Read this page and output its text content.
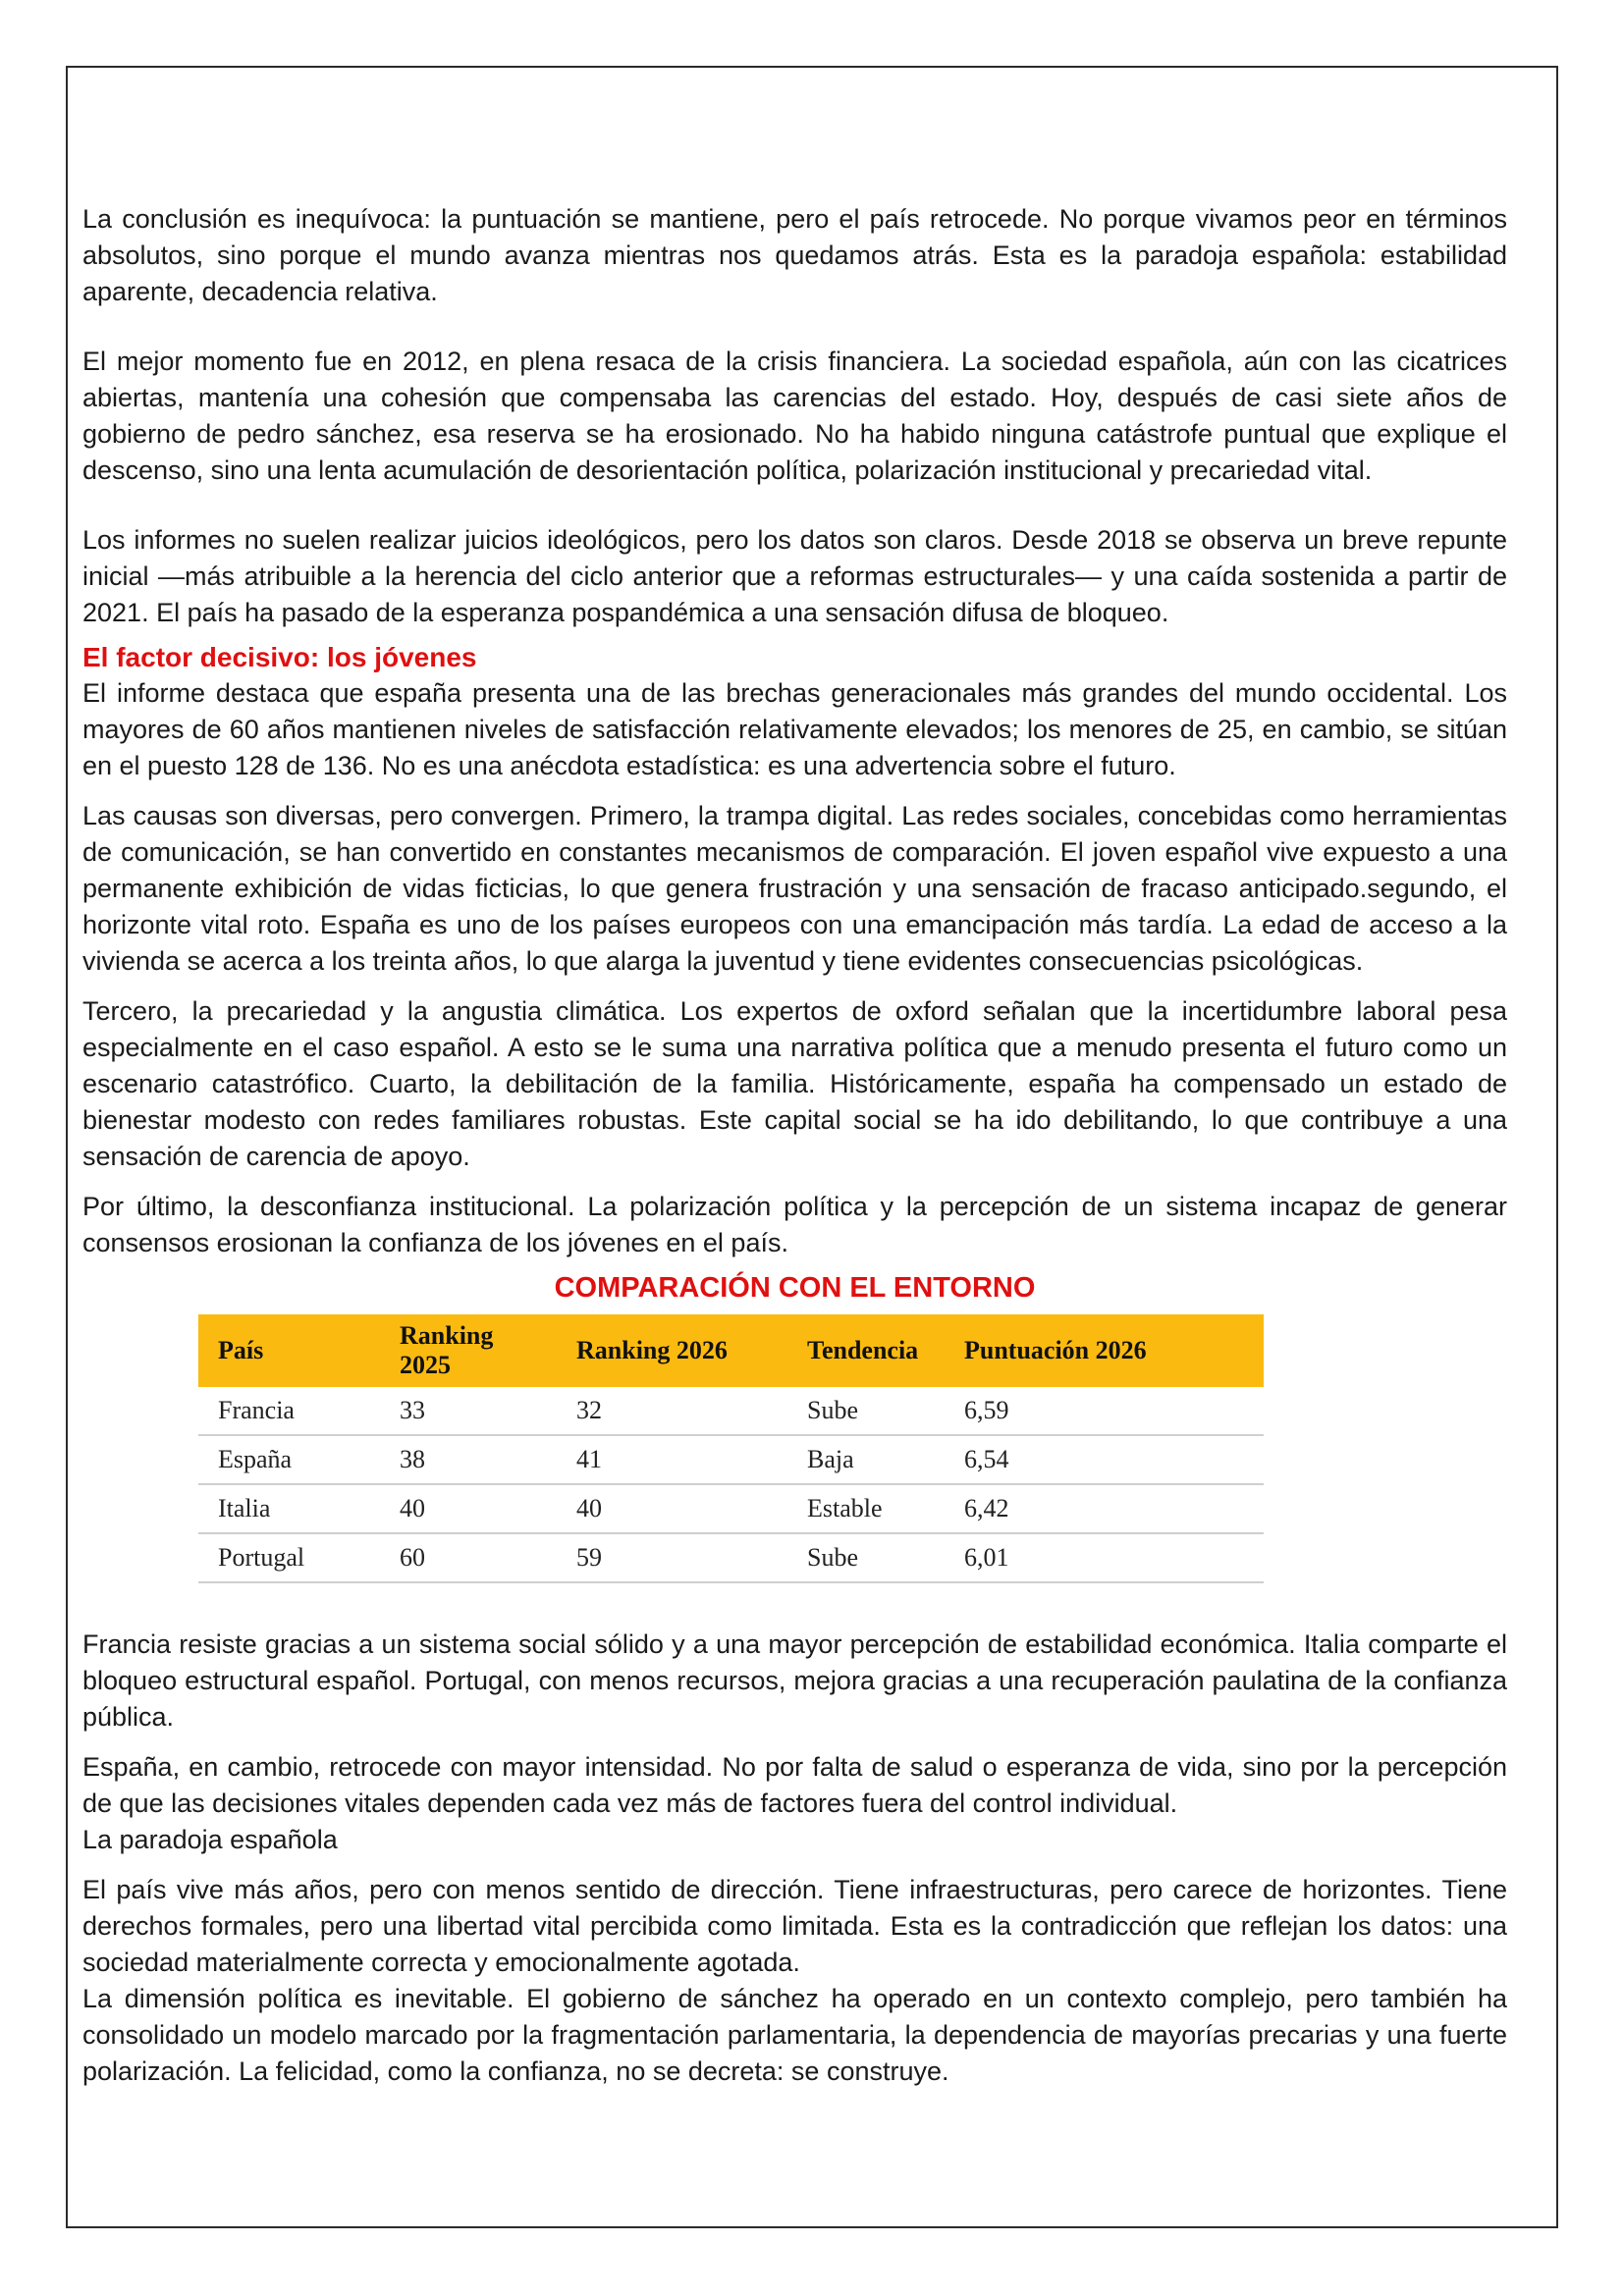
La conclusión es inequívoca: la puntuación se mantiene, pero el país retrocede. No porque vivamos peor en términos absolutos, sino porque el mundo avanza mientras nos quedamos atrás. Esta es la paradoja española: estabilidad aparente, decadencia relativa.

El mejor momento fue en 2012, en plena resaca de la crisis financiera. La sociedad española, aún con las cicatrices abiertas, mantenía una cohesión que compensaba las carencias del estado. Hoy, después de casi siete años de gobierno de pedro sánchez, esa reserva se ha erosionado. No ha habido ninguna catástrofe puntual que explique el descenso, sino una lenta acumulación de desorientación política, polarización institucional y precariedad vital.

Los informes no suelen realizar juicios ideológicos, pero los datos son claros. Desde 2018 se observa un breve repunte inicial —más atribuible a la herencia del ciclo anterior que a reformas estructurales— y una caída sostenida a partir de 2021. El país ha pasado de la esperanza pospandémica a una sensación difusa de bloqueo.

El factor decisivo: los jóvenes

El informe destaca que españa presenta una de las brechas generacionales más grandes del mundo occidental. Los mayores de 60 años mantienen niveles de satisfacción relativamente elevados; los menores de 25, en cambio, se sitúan en el puesto 128 de 136. No es una anécdota estadística: es una advertencia sobre el futuro.

Las causas son diversas, pero convergen. Primero, la trampa digital. Las redes sociales, concebidas como herramientas de comunicación, se han convertido en constantes mecanismos de comparación. El joven español vive expuesto a una permanente exhibición de vidas ficticias, lo que genera frustración y una sensación de fracaso anticipado.segundo, el horizonte vital roto. España es uno de los países europeos con una emancipación más tardía. La edad de acceso a la vivienda se acerca a los treinta años, lo que alarga la juventud y tiene evidentes consecuencias psicológicas.

Tercero, la precariedad y la angustia climática. Los expertos de oxford señalan que la incertidumbre laboral pesa especialmente en el caso español. A esto se le suma una narrativa política que a menudo presenta el futuro como un escenario catastrófico. Cuarto, la debilitación de la familia. Históricamente, españa ha compensado un estado de bienestar modesto con redes familiares robustas. Este capital social se ha ido debilitando, lo que contribuye a una sensación de carencia de apoyo.

Por último, la desconfianza institucional. La polarización política y la percepción de un sistema incapaz de generar consensos erosionan la confianza de los jóvenes en el país.

COMPARACIÓN CON EL ENTORNO
País	Ranking 2025	Ranking 2026	Tendencia	Puntuación 2026
Francia	33	32	Sube	6,59
España	38	41	Baja	6,54
Italia	40	40	Estable	6,42
Portugal	60	59	Sube	6,01

Francia resiste gracias a un sistema social sólido y a una mayor percepción de estabilidad económica. Italia comparte el bloqueo estructural español. Portugal, con menos recursos, mejora gracias a una recuperación paulatina de la confianza pública.

España, en cambio, retrocede con mayor intensidad. No por falta de salud o esperanza de vida, sino por la percepción de que las decisiones vitales dependen cada vez más de factores fuera del control individual.

La paradoja española

El país vive más años, pero con menos sentido de dirección. Tiene infraestructuras, pero carece de horizontes. Tiene derechos formales, pero una libertad vital percibida como limitada. Esta es la contradicción que reflejan los datos: una sociedad materialmente correcta y emocionalmente agotada.

La dimensión política es inevitable. El gobierno de sánchez ha operado en un contexto complejo, pero también ha consolidado un modelo marcado por la fragmentación parlamentaria, la dependencia de mayorías precarias y una fuerte polarización. La felicidad, como la confianza, no se decreta: se construye.
